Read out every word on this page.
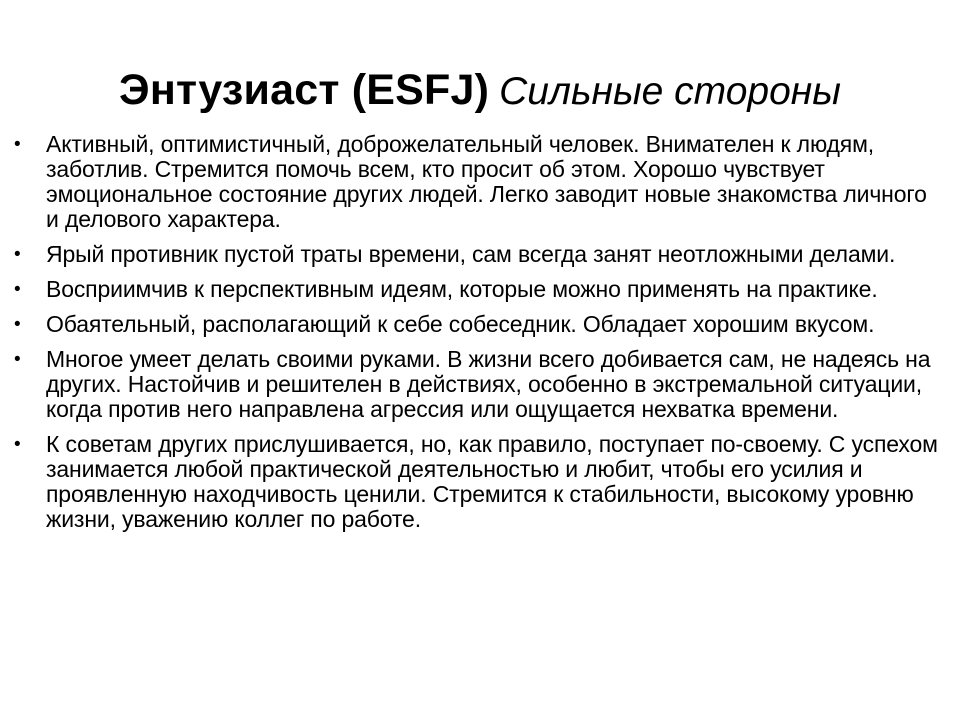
Энтузиаст (ESFJ) Сильные стороны
• Активный, оптимистичный, доброжелательный человек. Внимателен к людям, заботлив. Стремится помочь всем, кто просит об этом. Хорошо чувствует эмоциональное состояние других людей. Легко заводит новые знакомства личного и делового характера.
• Ярый противник пустой траты времени, сам всегда занят неотложными делами.
• Восприимчив к перспективным идеям, которые можно применять на практике.
• Обаятельный, располагающий к себе собеседник. Обладает хорошим вкусом.
• Многое умеет делать своими руками. В жизни всего добивается сам, не надеясь на других. Настойчив и решителен в действиях, особенно в экстремальной ситуации, когда против него направлена агрессия или ощущается нехватка времени.
• К советам других прислушивается, но, как правило, поступает по-своему. С успехом занимается любой практической деятельностью и любит, чтобы его усилия и проявленную находчивость ценили. Стремится к стабильности, высокому уровню жизни, уважению коллег по работе.
